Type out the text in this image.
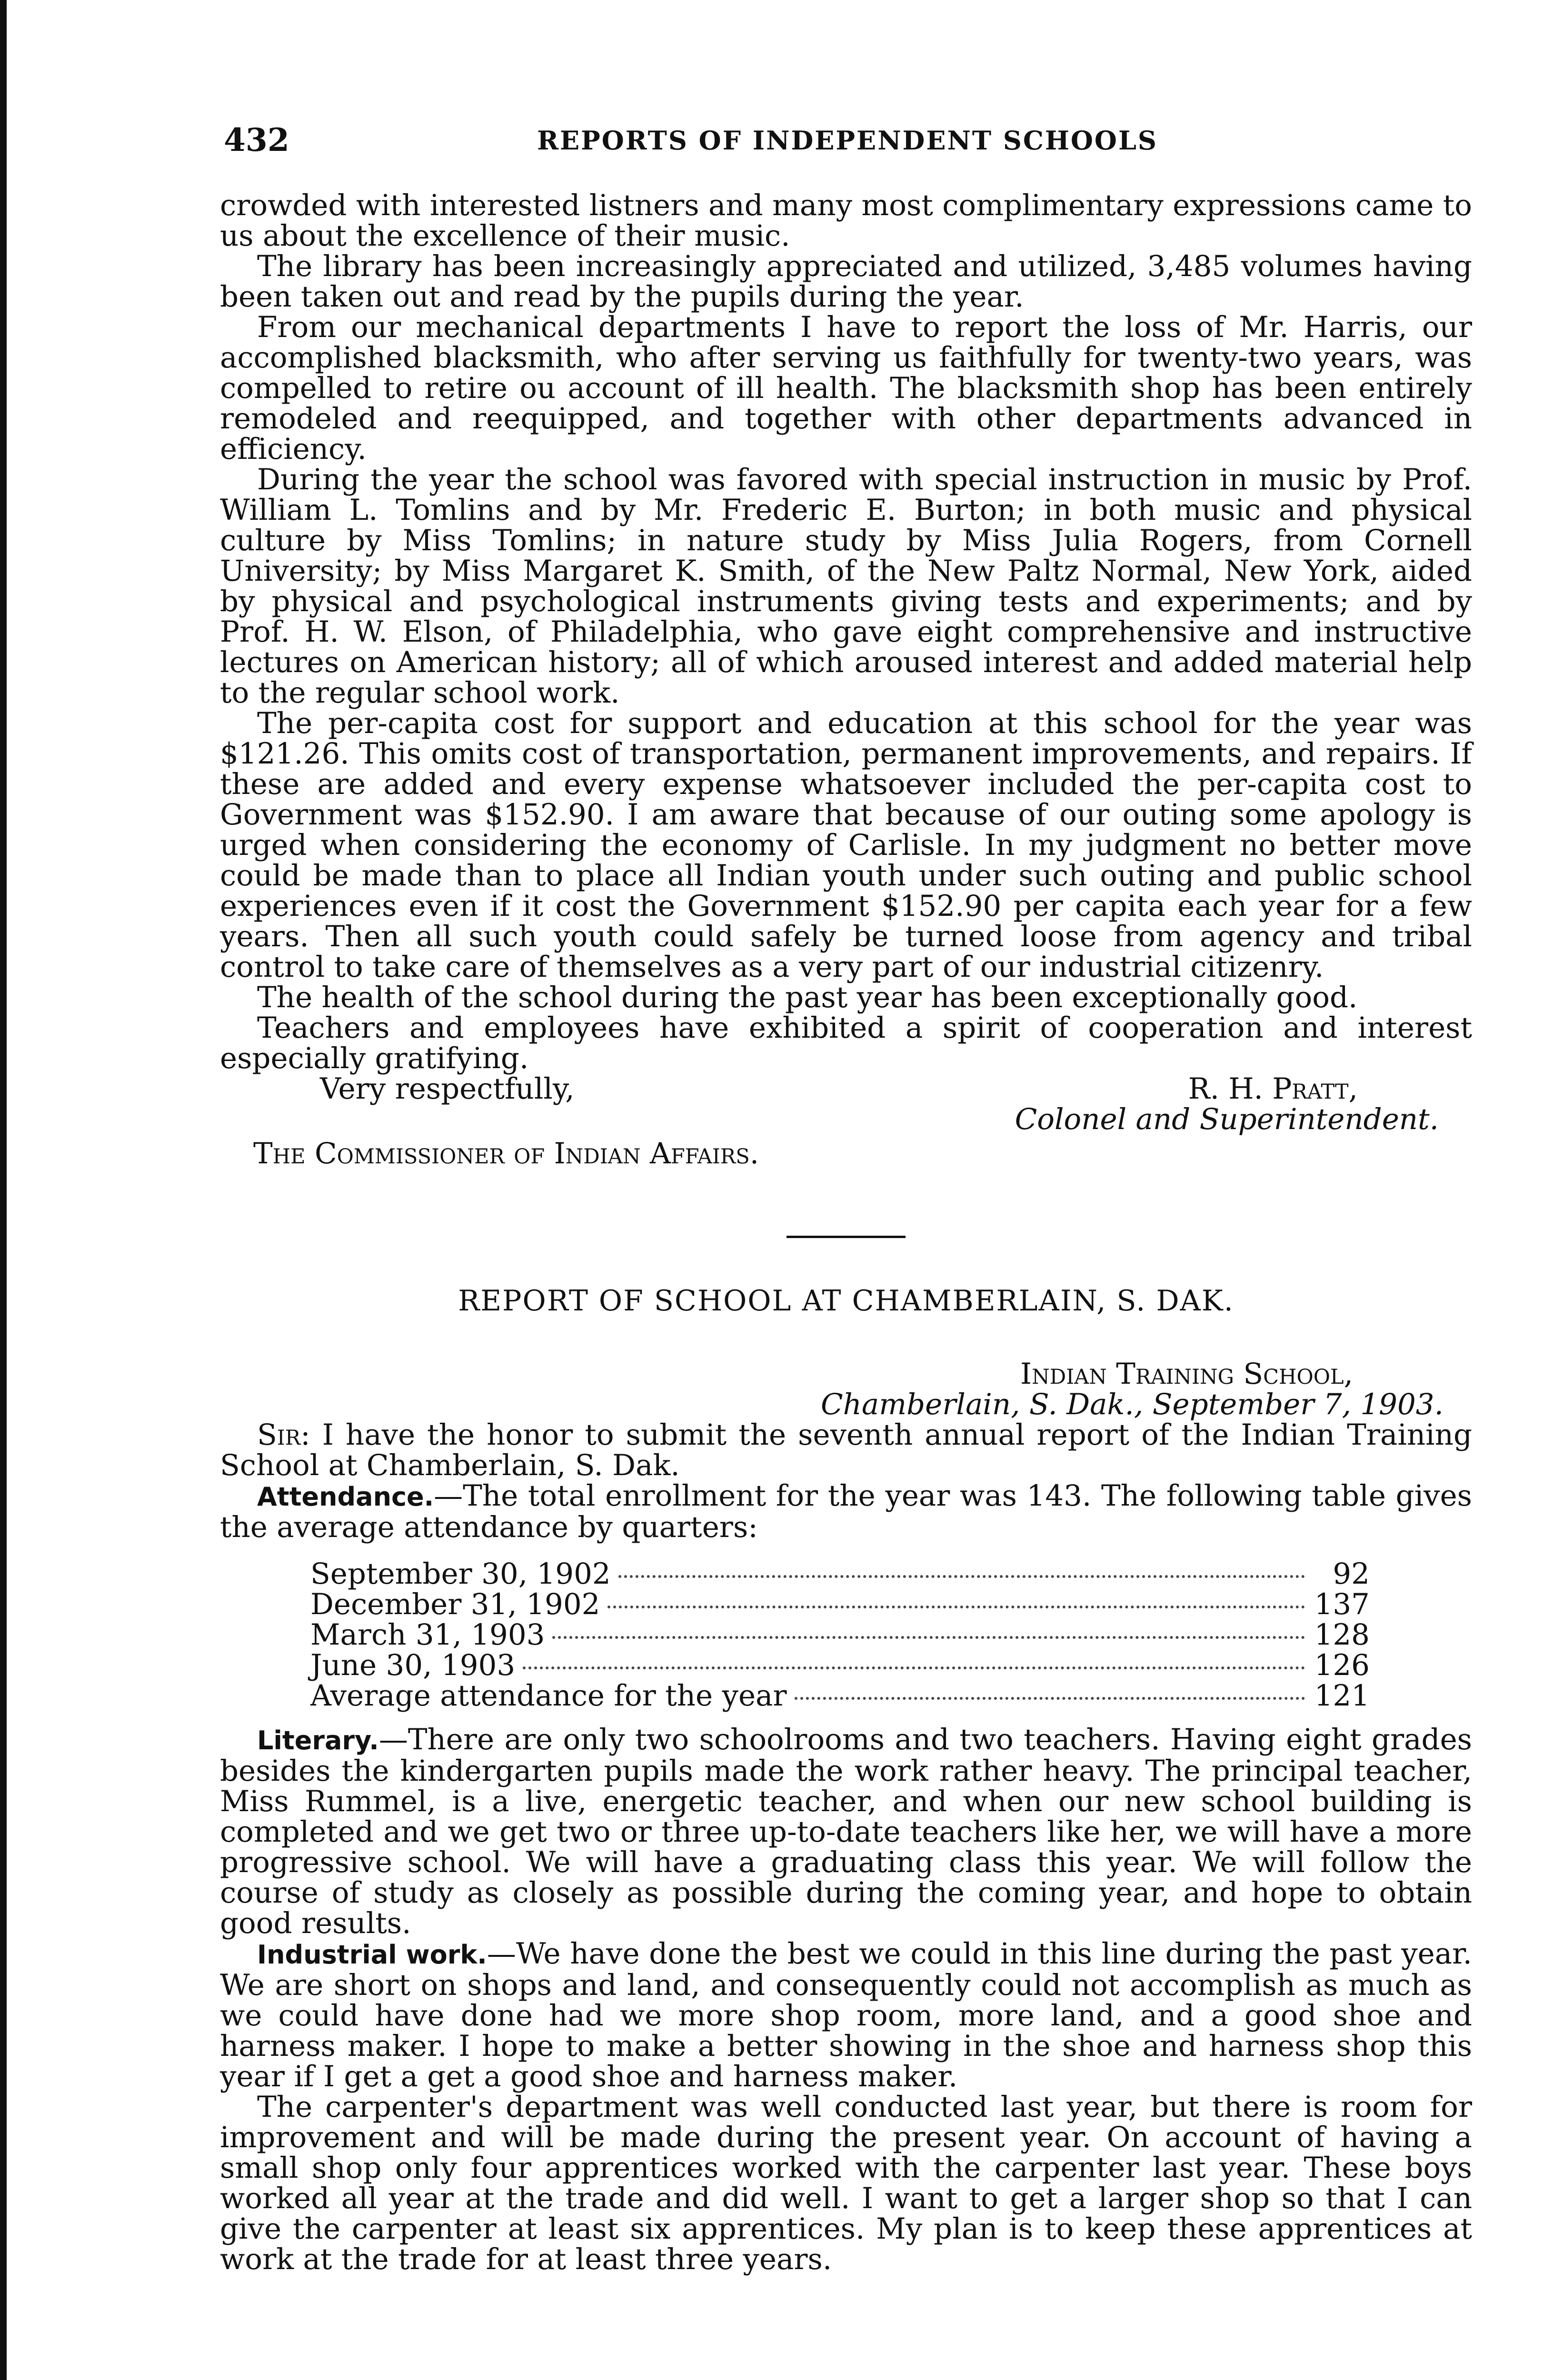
432	REPORTS OF INDEPENDENT SCHOOLS

crowded with interested listners and many most complimentary expressions came to us about the excellence of their music.

The library has been increasingly appreciated and utilized, 3,485 volumes having been taken out and read by the pupils during the year.

From our mechanical departments I have to report the loss of Mr. Harris, our accomplished blacksmith, who after serving us faithfully for twenty-two years, was compelled to retire ou account of ill health. The blacksmith shop has been entirely remodeled and reequipped, and together with other departments advanced in efficiency.

During the year the school was favored with special instruction in music by Prof. William L. Tomlins and by Mr. Frederic E. Burton; in both music and physical culture by Miss Tomlins; in nature study by Miss Julia Rogers, from Cornell University; by Miss Margaret K. Smith, of the New Paltz Normal, New York, aided by physical and psychological instruments giving tests and experiments; and by Prof. H. W. Elson, of Philadelphia, who gave eight comprehensive and instructive lectures on American history; all of which aroused interest and added material help to the regular school work.

The per-capita cost for support and education at this school for the year was $121.26. This omits cost of transportation, permanent improvements, and repairs. If these are added and every expense whatsoever included the per-capita cost to Government was $152.90. I am aware that because of our outing some apology is urged when considering the economy of Carlisle. In my judgment no better move could be made than to place all Indian youth under such outing and public school experiences even if it cost the Government $152.90 per capita each year for a few years. Then all such youth could safely be turned loose from agency and tribal control to take care of themselves as a very part of our industrial citizenry.

The health of the school during the past year has been exceptionally good.

Teachers and employees have exhibited a spirit of cooperation and interest especially gratifying.

Very respectfully,	R. H. Pratt,
Colonel and Superintendent.
The Commissioner of Indian Affairs.
REPORT OF SCHOOL AT CHAMBERLAIN, S. DAK.
Indian Training School,
Chamberlain, S. Dak., September 7, 1903.

Sir: I have the honor to submit the seventh annual report of the Indian Training School at Chamberlain, S. Dak.

Attendance.—The total enrollment for the year was 143. The following table gives the average attendance by quarters:

September 30, 1902	92
December 31, 1902	137
March 31, 1903	128
June 30, 1903	126
Average attendance for the year	121

Literary.—There are only two schoolrooms and two teachers. Having eight grades besides the kindergarten pupils made the work rather heavy. The principal teacher, Miss Rummel, is a live, energetic teacher, and when our new school building is completed and we get two or three up-to-date teachers like her, we will have a more progressive school. We will have a graduating class this year. We will follow the course of study as closely as possible during the coming year, and hope to obtain good results.

Industrial work.—We have done the best we could in this line during the past year. We are short on shops and land, and consequently could not accomplish as much as we could have done had we more shop room, more land, and a good shoe and harness maker. I hope to make a better showing in the shoe and harness shop this year if I get a get a good shoe and harness maker.

The carpenter's department was well conducted last year, but there is room for improvement and will be made during the present year. On account of having a small shop only four apprentices worked with the carpenter last year. These boys worked all year at the trade and did well. I want to get a larger shop so that I can give the carpenter at least six apprentices. My plan is to keep these apprentices at work at the trade for at least three years.
